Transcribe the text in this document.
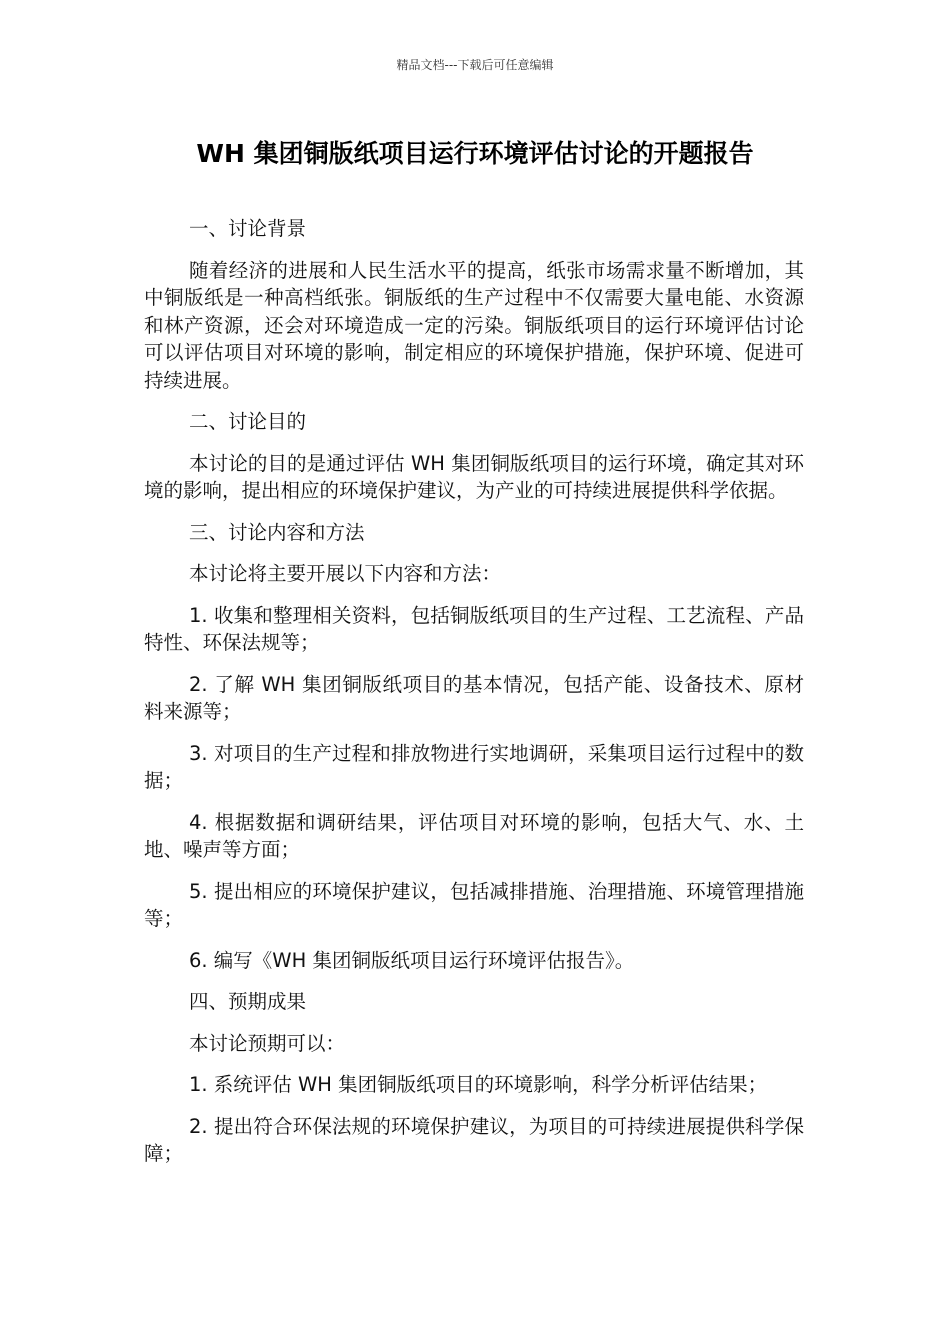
精品文档---下载后可任意编辑
WH 集团铜版纸项目运行环境评估讨论的开题报告

一、讨论背景

随着经济的进展和人民生活水平的提高，纸张市场需求量不断增加，其中铜版纸是一种高档纸张。铜版纸的生产过程中不仅需要大量电能、水资源和林产资源，还会对环境造成一定的污染。铜版纸项目的运行环境评估讨论可以评估项目对环境的影响，制定相应的环境保护措施，保护环境、促进可持续进展。

二、讨论目的

本讨论的目的是通过评估 WH 集团铜版纸项目的运行环境，确定其对环境的影响，提出相应的环境保护建议，为产业的可持续进展提供科学依据。

三、讨论内容和方法

本讨论将主要开展以下内容和方法：

1. 收集和整理相关资料，包括铜版纸项目的生产过程、工艺流程、产品特性、环保法规等；

2. 了解 WH 集团铜版纸项目的基本情况，包括产能、设备技术、原材料来源等；

3. 对项目的生产过程和排放物进行实地调研，采集项目运行过程中的数据；

4. 根据数据和调研结果，评估项目对环境的影响，包括大气、水、土地、噪声等方面；

5. 提出相应的环境保护建议，包括减排措施、治理措施、环境管理措施等；

6. 编写《WH 集团铜版纸项目运行环境评估报告》。

四、预期成果

本讨论预期可以：

1. 系统评估 WH 集团铜版纸项目的环境影响，科学分析评估结果；

2. 提出符合环保法规的环境保护建议，为项目的可持续进展提供科学保障；
